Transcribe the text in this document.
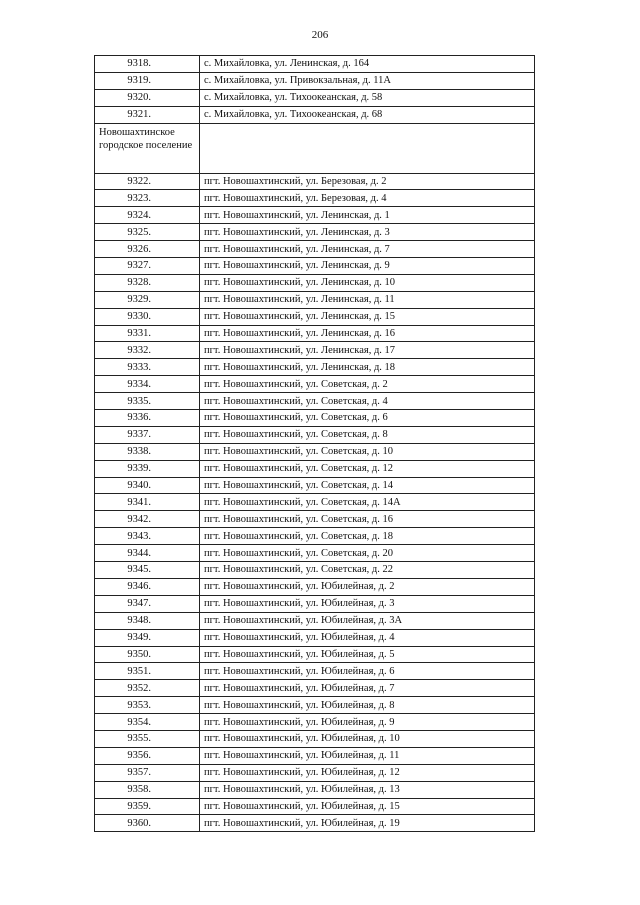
206
9318.	с. Михайловка, ул. Ленинская, д. 164
9319.	с. Михайловка, ул. Привокзальная, д. 11А
9320.	с. Михайловка, ул. Тихоокеанская, д. 58
9321.	с. Михайловка, ул. Тихоокеанская, д. 68
Новошахтинское городское поселение	
9322.	пгт. Новошахтинский, ул. Березовая, д. 2
9323.	пгт. Новошахтинский, ул. Березовая, д. 4
9324.	пгт. Новошахтинский, ул. Ленинская, д. 1
9325.	пгт. Новошахтинский, ул. Ленинская, д. 3
9326.	пгт. Новошахтинский, ул. Ленинская, д. 7
9327.	пгт. Новошахтинский, ул. Ленинская, д. 9
9328.	пгт. Новошахтинский, ул. Ленинская, д. 10
9329.	пгт. Новошахтинский, ул. Ленинская, д. 11
9330.	пгт. Новошахтинский, ул. Ленинская, д. 15
9331.	пгт. Новошахтинский, ул. Ленинская, д. 16
9332.	пгт. Новошахтинский, ул. Ленинская, д. 17
9333.	пгт. Новошахтинский, ул. Ленинская, д. 18
9334.	пгт. Новошахтинский, ул. Советская, д. 2
9335.	пгт. Новошахтинский, ул. Советская, д. 4
9336.	пгт. Новошахтинский, ул. Советская, д. 6
9337.	пгт. Новошахтинский, ул. Советская, д. 8
9338.	пгт. Новошахтинский, ул. Советская, д. 10
9339.	пгт. Новошахтинский, ул. Советская, д. 12
9340.	пгт. Новошахтинский, ул. Советская, д. 14
9341.	пгт. Новошахтинский, ул. Советская, д. 14А
9342.	пгт. Новошахтинский, ул. Советская, д. 16
9343.	пгт. Новошахтинский, ул. Советская, д. 18
9344.	пгт. Новошахтинский, ул. Советская, д. 20
9345.	пгт. Новошахтинский, ул. Советская, д. 22
9346.	пгт. Новошахтинский, ул. Юбилейная, д. 2
9347.	пгт. Новошахтинский, ул. Юбилейная, д. 3
9348.	пгт. Новошахтинский, ул. Юбилейная, д. 3А
9349.	пгт. Новошахтинский, ул. Юбилейная, д. 4
9350.	пгт. Новошахтинский, ул. Юбилейная, д. 5
9351.	пгт. Новошахтинский, ул. Юбилейная, д. 6
9352.	пгт. Новошахтинский, ул. Юбилейная, д. 7
9353.	пгт. Новошахтинский, ул. Юбилейная, д. 8
9354.	пгт. Новошахтинский, ул. Юбилейная, д. 9
9355.	пгт. Новошахтинский, ул. Юбилейная, д. 10
9356.	пгт. Новошахтинский, ул. Юбилейная, д. 11
9357.	пгт. Новошахтинский, ул. Юбилейная, д. 12
9358.	пгт. Новошахтинский, ул. Юбилейная, д. 13
9359.	пгт. Новошахтинский, ул. Юбилейная, д. 15
9360.	пгт. Новошахтинский, ул. Юбилейная, д. 19
